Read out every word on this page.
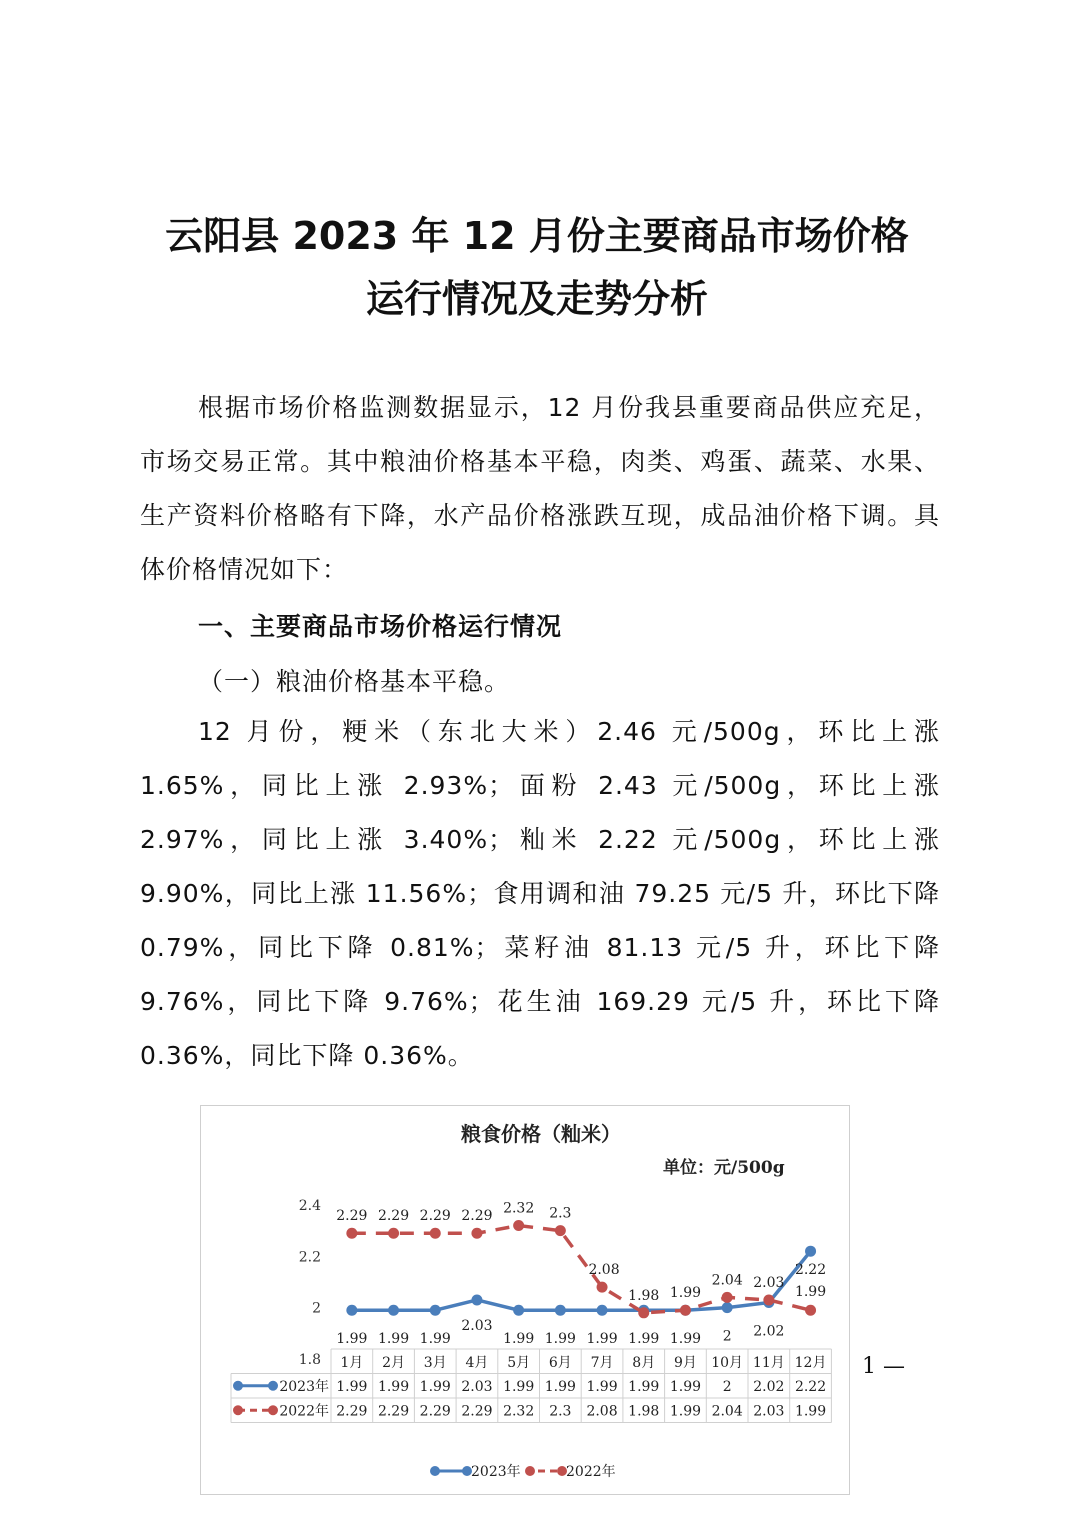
云阳县 2023 年 12 月份主要商品市场价格
运行情况及走势分析

根据市场价格监测数据显示，12 月份我县重要商品供应充足，市场交易正常。其中粮油价格基本平稳，肉类、鸡蛋、蔬菜、水果、生产资料价格略有下降，水产品价格涨跌互现，成品油价格下调。具体价格情况如下：

一、主要商品市场价格运行情况

（一）粮油价格基本平稳。

12 月份，粳米（东北大米）2.46 元/500g，环比上涨 1.65%，同比上涨 2.93%；面粉 2.43 元/500g，环比上涨 2.97%，同比上涨 3.40%；籼米 2.22 元/500g，环比上涨 9.90%，同比上涨 11.56%；食用调和油 79.25 元/5 升，环比下降 0.79%，同比下降 0.81%；菜籽油 81.13 元/5 升，环比下降 9.76%，同比下降 9.76%；花生油 169.29 元/5 升，环比下降 0.36%，同比下降 0.36%。

粮食价格（籼米）
单位：元/500g
1.8
2
2.2
2.4
1月 2月 3月 4月 5月 6月 7月 8月 9月 10月 11月 12月
2023年 1.99 1.99 1.99 2.03 1.99 1.99 1.99 1.99 1.99 2 2.02 2.22
2022年 2.29 2.29 2.29 2.29 2.32 2.3 2.08 1.98 1.99 2.04 2.03 1.99
2.29 2.29 2.29 2.29 2.32 2.3
2.08
1.98 1.99
2.04 2.03
1.99
1.99 1.99 1.99
2.03
1.99 1.99 1.99 1.99 1.99 2 2.02
2.22
2023年	2022年
1 —
